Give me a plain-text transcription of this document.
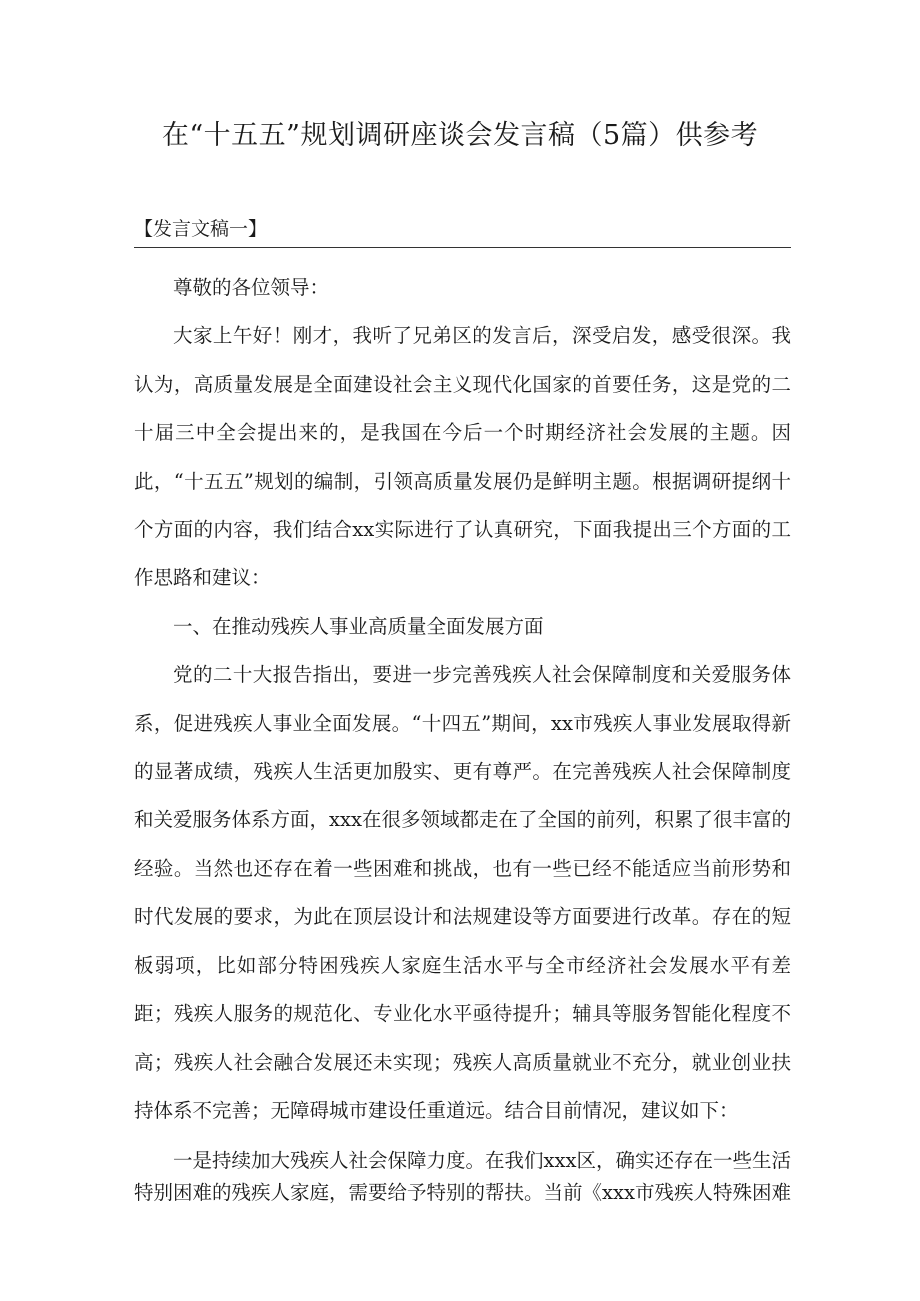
在“十五五”规划调研座谈会发言稿（5篇）供参考
【发言文稿一】

尊敬的各位领导：

大家上午好！刚才，我听了兄弟区的发言后，深受启发，感受很深。我认为，高质量发展是全面建设社会主义现代化国家的首要任务，这是党的二十届三中全会提出来的，是我国在今后一个时期经济社会发展的主题。因此，“十五五”规划的编制，引领高质量发展仍是鲜明主题。根据调研提纲十个方面的内容，我们结合xx实际进行了认真研究，下面我提出三个方面的工作思路和建议：

一、在推动残疾人事业高质量全面发展方面

党的二十大报告指出，要进一步完善残疾人社会保障制度和关爱服务体系，促进残疾人事业全面发展。“十四五”期间，xx市残疾人事业发展取得新的显著成绩，残疾人生活更加殷实、更有尊严。在完善残疾人社会保障制度和关爱服务体系方面，xxx在很多领域都走在了全国的前列，积累了很丰富的经验。当然也还存在着一些困难和挑战，也有一些已经不能适应当前形势和时代发展的要求，为此在顶层设计和法规建设等方面要进行改革。存在的短板弱项，比如部分特困残疾人家庭生活水平与全市经济社会发展水平有差距；残疾人服务的规范化、专业化水平亟待提升；辅具等服务智能化程度不高；残疾人社会融合发展还未实现；残疾人高质量就业不充分，就业创业扶持体系不完善；无障碍城市建设任重道远。结合目前情况，建议如下：

一是持续加大残疾人社会保障力度。在我们xxx区，确实还存在一些生活特别困难的残疾人家庭，需要给予特别的帮扶。当前《xxx市残疾人特殊困难
